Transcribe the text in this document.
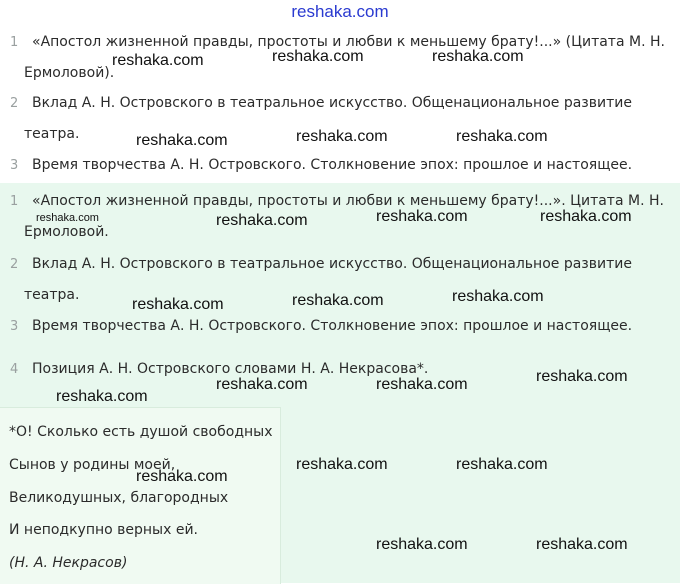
reshaka.com
1 «Апостол жизненной правды, простоты и любви к меньшему брату!...» (Цитата М. Н.
Ермоловой).
2 Вклад А. Н. Островского в театральное искусство. Общенациональное развитие
театра.
3 Время творчества А. Н. Островского. Столкновение эпох: прошлое и настоящее.
1 «Апостол жизненной правды, простоты и любви к меньшему брату!...». Цитата М. Н.
Ермоловой.
2 Вклад А. Н. Островского в театральное искусство. Общенациональное развитие
театра.
3 Время творчества А. Н. Островского. Столкновение эпох: прошлое и настоящее.
4 Позиция А. Н. Островского словами Н. А. Некрасова*.
*О! Сколько есть душой свободных
Сынов у родины моей,
Великодушных, благородных
И неподкупно верных ей.
(Н. А. Некрасов)
reshaka.com	reshaka.com	reshaka.com
reshaka.com	reshaka.com	reshaka.com
reshaka.com	reshaka.com	reshaka.com	reshaka.com
reshaka.com	reshaka.com	reshaka.com
reshaka.com	reshaka.com	reshaka.com
reshaka.com
reshaka.com
reshaka.com	reshaka.com
reshaka.com	reshaka.com
